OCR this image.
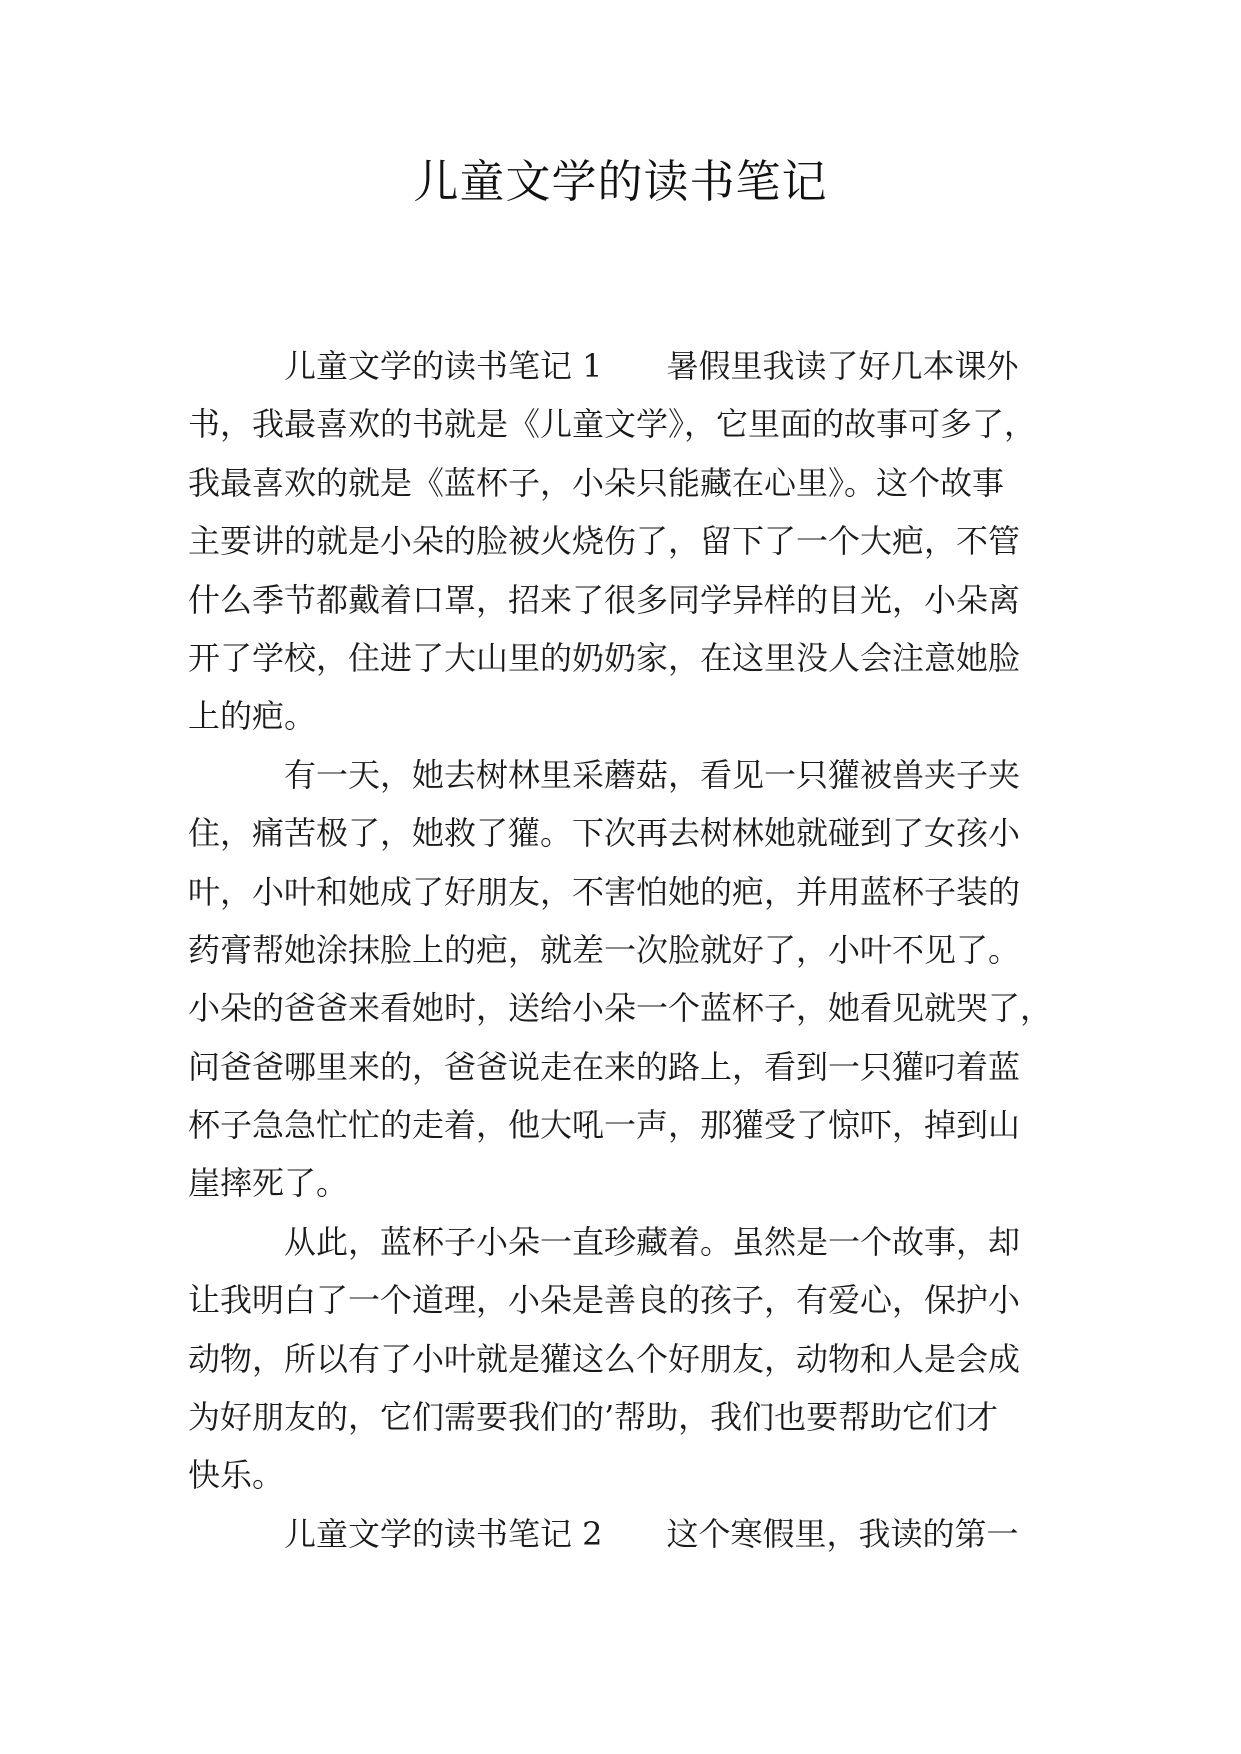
儿童文学的读书笔记
儿童文学的读书笔记 1 暑假里我读了好几本课外
书，我最喜欢的书就是《儿童文学》，它里面的故事可多了，
我最喜欢的就是《蓝杯子，小朵只能藏在心里》。这个故事
主要讲的就是小朵的脸被火烧伤了，留下了一个大疤，不管
什么季节都戴着口罩，招来了很多同学异样的目光，小朵离
开了学校，住进了大山里的奶奶家，在这里没人会注意她脸
上的疤。
有一天，她去树林里采蘑菇，看见一只獾被兽夹子夹
住，痛苦极了，她救了獾。下次再去树林她就碰到了女孩小
叶，小叶和她成了好朋友，不害怕她的疤，并用蓝杯子装的
药膏帮她涂抹脸上的疤，就差一次脸就好了，小叶不见了。
小朵的爸爸来看她时，送给小朵一个蓝杯子，她看见就哭了，
问爸爸哪里来的，爸爸说走在来的路上，看到一只獾叼着蓝
杯子急急忙忙的走着，他大吼一声，那獾受了惊吓，掉到山
崖摔死了。
从此，蓝杯子小朵一直珍藏着。虽然是一个故事，却
让我明白了一个道理，小朵是善良的孩子，有爱心，保护小
动物，所以有了小叶就是獾这么个好朋友，动物和人是会成
为好朋友的，它们需要我们的’帮助，我们也要帮助它们才
快乐。
儿童文学的读书笔记 2 这个寒假里，我读的第一
